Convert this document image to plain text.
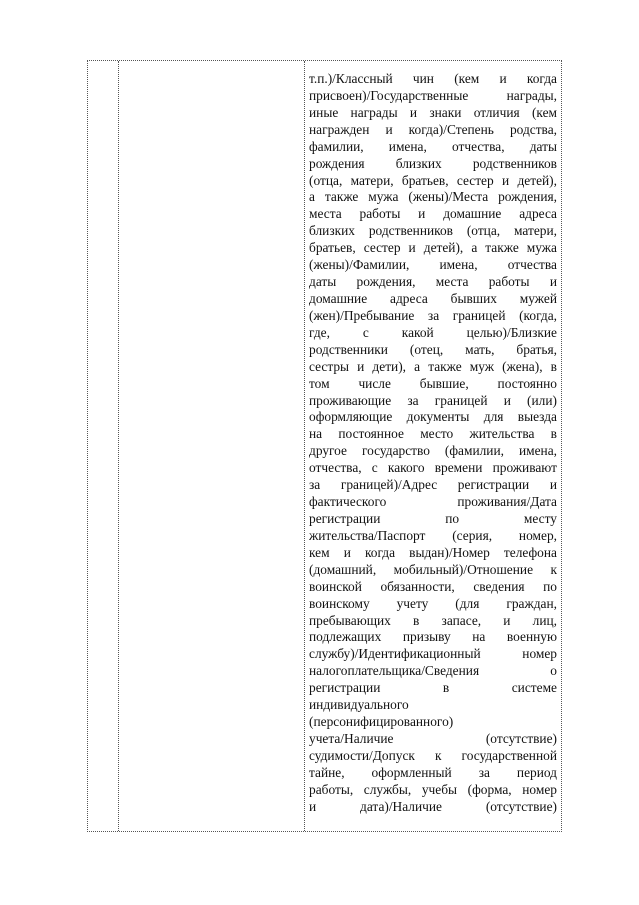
т.п.)/Классный чин (кем и когда
присвоен)/Государственные награды,
иные награды и знаки отличия (кем
награжден и когда)/Степень родства,
фамилии, имена, отчества, даты
рождения близких родственников
(отца, матери, братьев, сестер и детей),
а также мужа (жены)/Места рождения,
места работы и домашние адреса
близких родственников (отца, матери,
братьев, сестер и детей), а также мужа
(жены)/Фамилии, имена, отчества
даты рождения, места работы и
домашние адреса бывших мужей
(жен)/Пребывание за границей (когда,
где, с какой целью)/Близкие
родственники (отец, мать, братья,
сестры и дети), а также муж (жена), в
том числе бывшие, постоянно
проживающие за границей и (или)
оформляющие документы для выезда
на постоянное место жительства в
другое государство (фамилии, имена,
отчества, с какого времени проживают
за границей)/Адрес регистрации и
фактического проживания/Дата
регистрации по месту
жительства/Паспорт (серия, номер,
кем и когда выдан)/Номер телефона
(домашний, мобильный)/Отношение к
воинской обязанности, сведения по
воинскому учету (для граждан,
пребывающих в запасе, и лиц,
подлежащих призыву на военную
службу)/Идентификационный номер
налогоплательщика/Сведения о
регистрации в системе
индивидуального
(персонифицированного)
учета/Наличие (отсутствие)
судимости/Допуск к государственной
тайне, оформленный за период
работы, службы, учебы (форма, номер
и дата)/Наличие (отсутствие)
